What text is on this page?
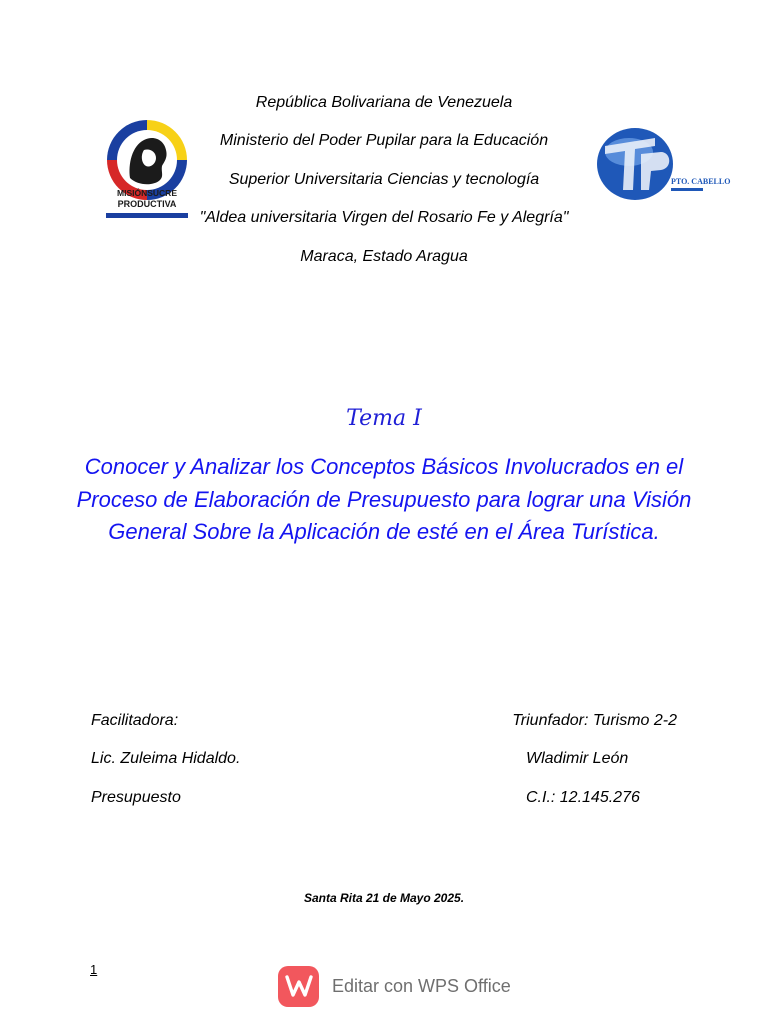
República Bolivariana de Venezuela
Ministerio del Poder Pupilar para la Educación
Superior Universitaria Ciencias y tecnología
"Aldea universitaria Virgen del Rosario Fe y Alegría"
Maraca, Estado Aragua
MISIÓNSUCRE
PRODUCTIVA
PTO. CABELLO
Tema I
Conocer y Analizar los Conceptos Básicos Involucrados en el Proceso de Elaboración de Presupuesto para lograr una Visión General Sobre la Aplicación de esté en el Área Turística.
Facilitadora:
Lic. Zuleima Hidaldo.
Presupuesto
Triunfador: Turismo 2-2
Wladimir León
C.I.: 12.145.276
Santa Rita 21 de Mayo 2025.
1
Editar con WPS Office
